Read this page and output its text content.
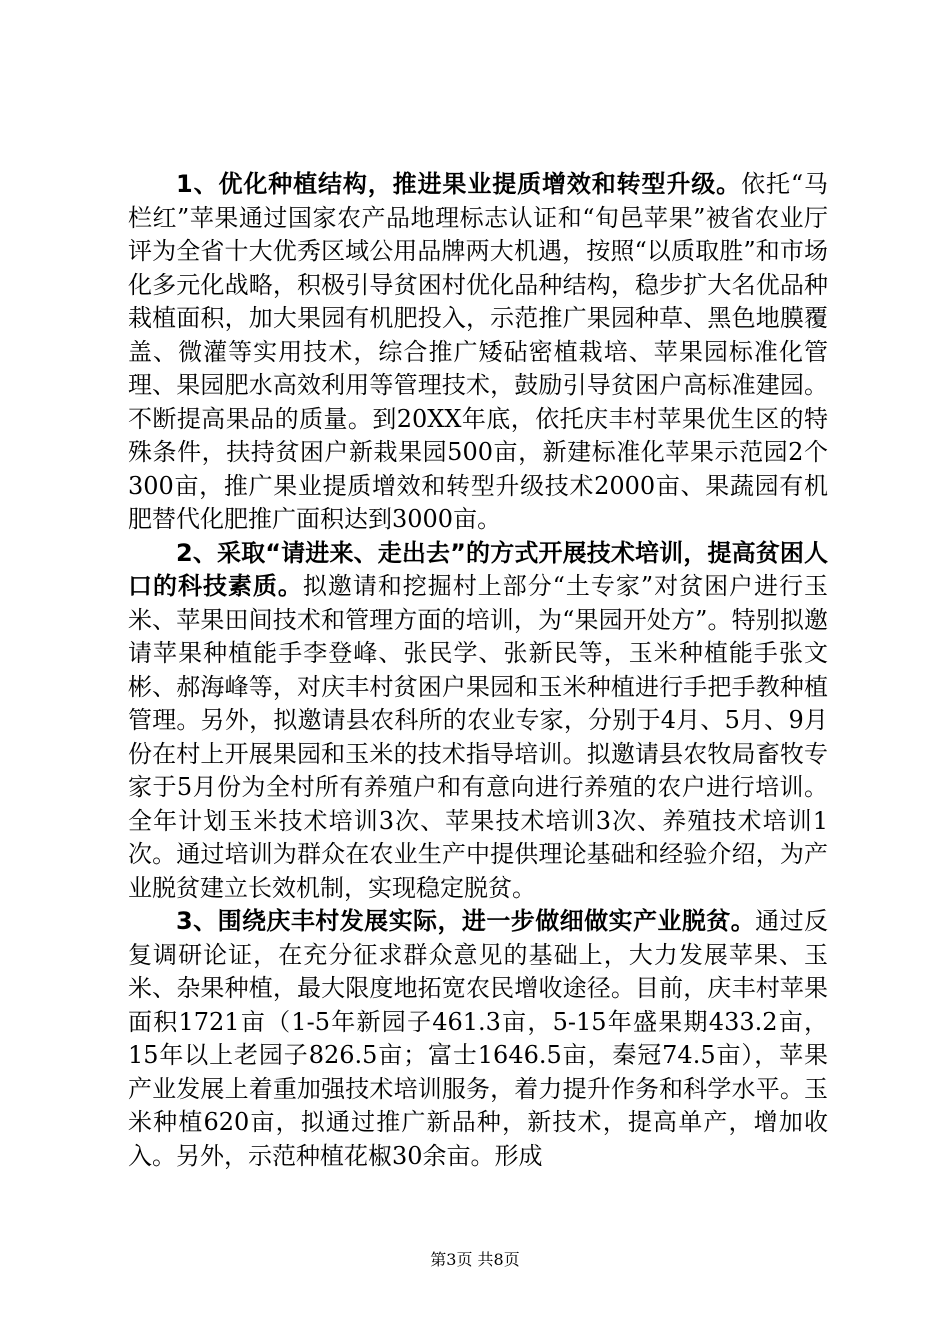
1、优化种植结构，推进果业提质增效和转型升级。依托“马栏红”苹果通过国家农产品地理标志认证和“旬邑苹果”被省农业厅评为全省十大优秀区域公用品牌两大机遇，按照“以质取胜”和市场化多元化战略，积极引导贫困村优化品种结构，稳步扩大名优品种栽植面积，加大果园有机肥投入，示范推广果园种草、黑色地膜覆盖、微灌等实用技术，综合推广矮砧密植栽培、苹果园标准化管理、果园肥水高效利用等管理技术，鼓励引导贫困户高标准建园。不断提高果品的质量。到20XX年底，依托庆丰村苹果优生区的特殊条件，扶持贫困户新栽果园500亩，新建标准化苹果示范园2个300亩，推广果业提质增效和转型升级技术2000亩、果蔬园有机肥替代化肥推广面积达到3000亩。

2、采取“请进来、走出去”的方式开展技术培训，提高贫困人口的科技素质。拟邀请和挖掘村上部分“土专家”对贫困户进行玉米、苹果田间技术和管理方面的培训，为“果园开处方”。特别拟邀请苹果种植能手李登峰、张民学、张新民等，玉米种植能手张文彬、郝海峰等，对庆丰村贫困户果园和玉米种植进行手把手教种植管理。另外，拟邀请县农科所的农业专家，分别于4月、5月、9月份在村上开展果园和玉米的技术指导培训。拟邀请县农牧局畜牧专家于5月份为全村所有养殖户和有意向进行养殖的农户进行培训。全年计划玉米技术培训3次、苹果技术培训3次、养殖技术培训1次。通过培训为群众在农业生产中提供理论基础和经验介绍，为产业脱贫建立长效机制，实现稳定脱贫。

3、围绕庆丰村发展实际，进一步做细做实产业脱贫。通过反复调研论证，在充分征求群众意见的基础上，大力发展苹果、玉米、杂果种植，最大限度地拓宽农民增收途径。目前，庆丰村苹果面积1721亩（1-5年新园子461.3亩，5-15年盛果期433.2亩，15年以上老园子826.5亩；富士1646.5亩，秦冠74.5亩），苹果产业发展上着重加强技术培训服务，着力提升作务和科学水平。玉米种植620亩，拟通过推广新品种，新技术，提高单产，增加收入。另外，示范种植花椒30余亩。形成

第3页 共8页
